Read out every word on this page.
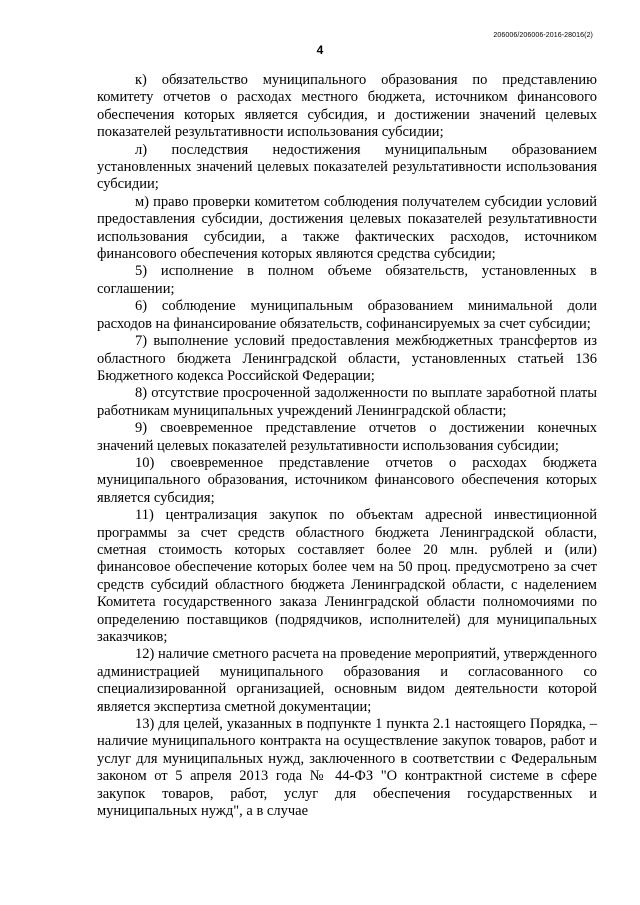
206006/206006-2016-28016(2)
4

к) обязательство муниципального образования по представлению комитету отчетов о расходах местного бюджета, источником финансового обеспечения которых является субсидия, и достижении значений целевых показателей результативности использования субсидии;

л) последствия недостижения муниципальным образованием установленных значений целевых показателей результативности использования субсидии;

м) право проверки комитетом соблюдения получателем субсидии условий предоставления субсидии, достижения целевых показателей результативности использования субсидии, а также фактических расходов, источником финансового обеспечения которых являются средства субсидии;

5) исполнение в полном объеме обязательств, установленных в соглашении;

6) соблюдение муниципальным образованием минимальной доли расходов на финансирование обязательств, софинансируемых за счет субсидии;

7) выполнение условий предоставления межбюджетных трансфертов из областного бюджета Ленинградской области, установленных статьей 136 Бюджетного кодекса Российской Федерации;

8) отсутствие просроченной задолженности по выплате заработной платы работникам муниципальных учреждений Ленинградской области;

9) своевременное представление отчетов о достижении конечных значений целевых показателей результативности использования субсидии;

10) своевременное представление отчетов о расходах бюджета муниципального образования, источником финансового обеспечения которых является субсидия;

11) централизация закупок по объектам адресной инвестиционной программы за счет средств областного бюджета Ленинградской области, сметная стоимость которых составляет более 20 млн. рублей и (или) финансовое обеспечение которых более чем на 50 проц. предусмотрено за счет средств субсидий областного бюджета Ленинградской области, с наделением Комитета государственного заказа Ленинградской области полномочиями по определению поставщиков (подрядчиков, исполнителей) для муниципальных заказчиков;

12) наличие сметного расчета на проведение мероприятий, утвержденного администрацией муниципального образования и согласованного со специализированной организацией, основным видом деятельности которой является экспертиза сметной документации;

13) для целей, указанных в подпункте 1 пункта 2.1 настоящего Порядка, – наличие муниципального контракта на осуществление закупок товаров, работ и услуг для муниципальных нужд, заключенного в соответствии с Федеральным законом от 5 апреля 2013 года № 44-ФЗ "О контрактной системе в сфере закупок товаров, работ, услуг для обеспечения государственных и муниципальных нужд", а в случае
